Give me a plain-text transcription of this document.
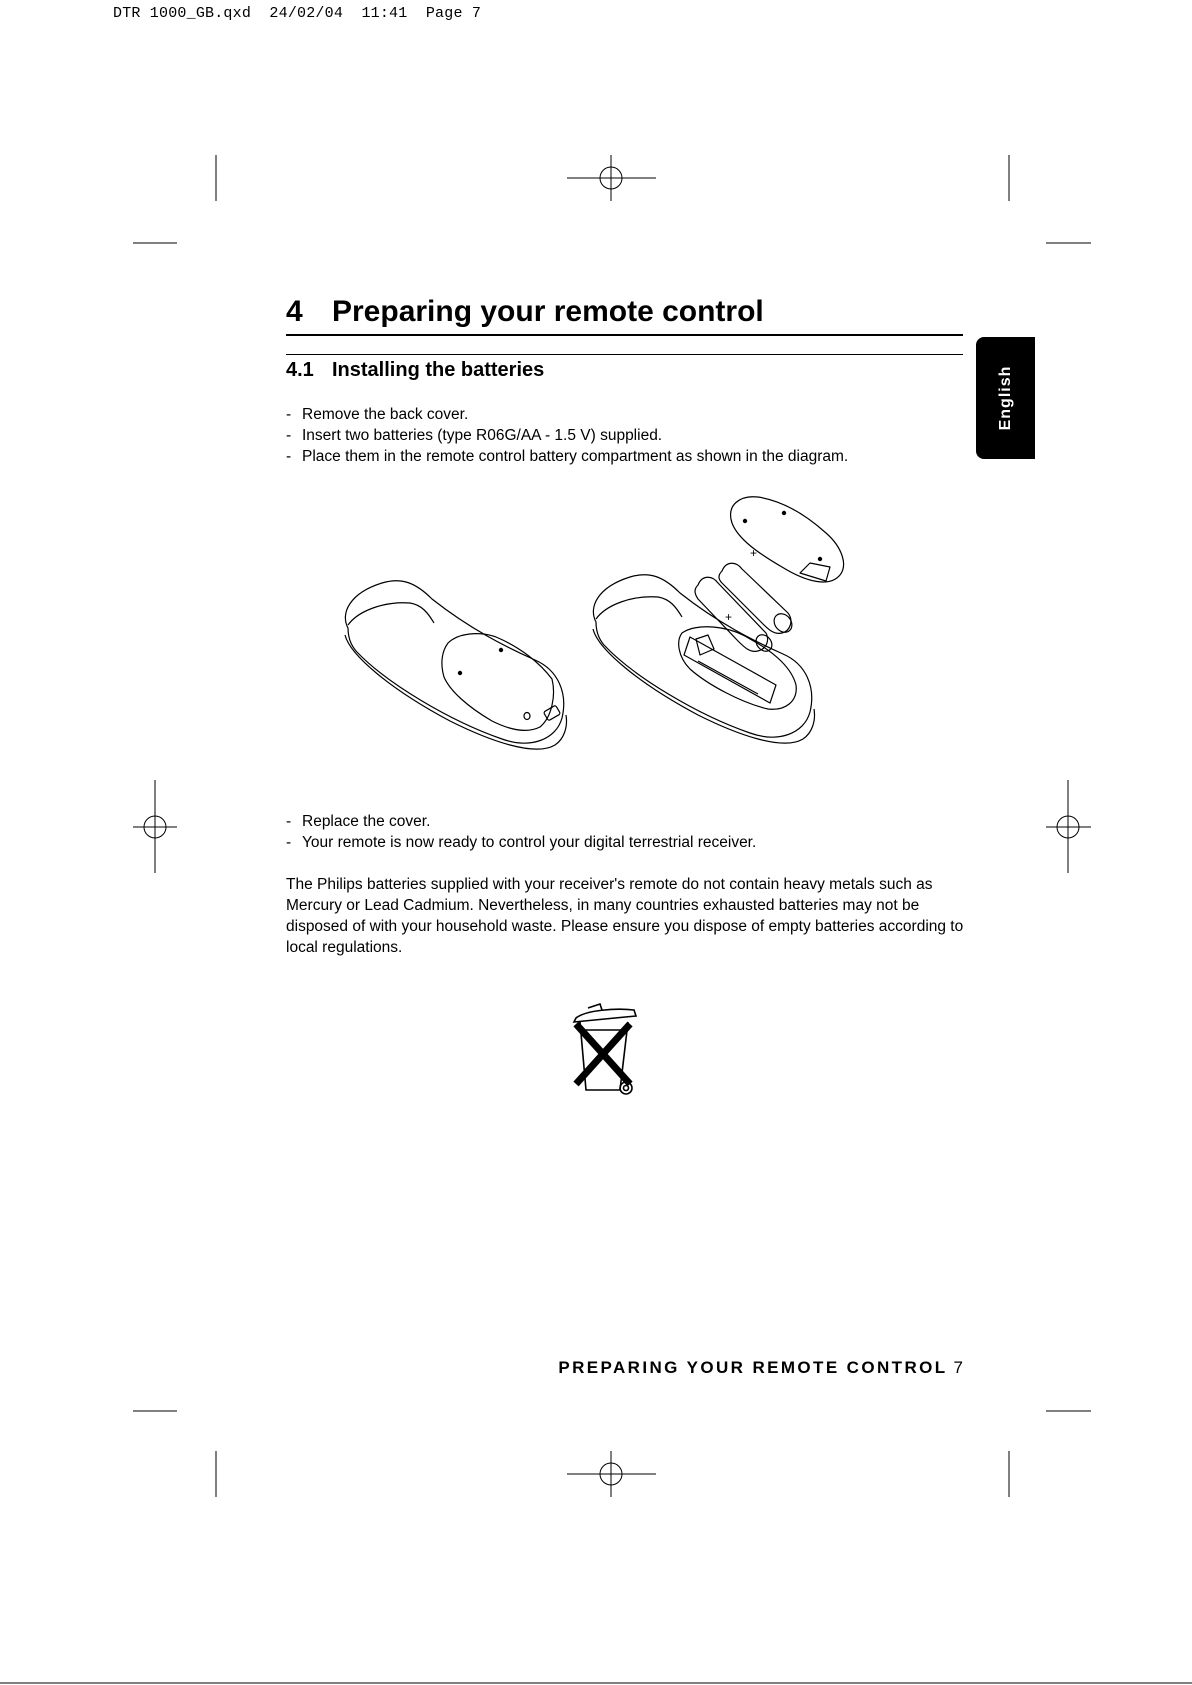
DTR 1000_GB.qxd  24/02/04  11:41  Page 7
4 Preparing your remote control
4.1 Installing the batteries	English
- Remove the back cover.
- Insert two batteries (type R06G/AA - 1.5 V) supplied.
- Place them in the remote control battery compartment as shown in the diagram.
+
+
- Replace the cover.
- Your remote is now ready to control your digital terrestrial receiver.

The Philips batteries supplied with your receiver's remote do not contain heavy metals such as Mercury or Lead Cadmium. Nevertheless, in many countries exhausted batteries may not be disposed of with your household waste. Please ensure you dispose of empty batteries according to local regulations.

PREPARING YOUR REMOTE CONTROL 7
